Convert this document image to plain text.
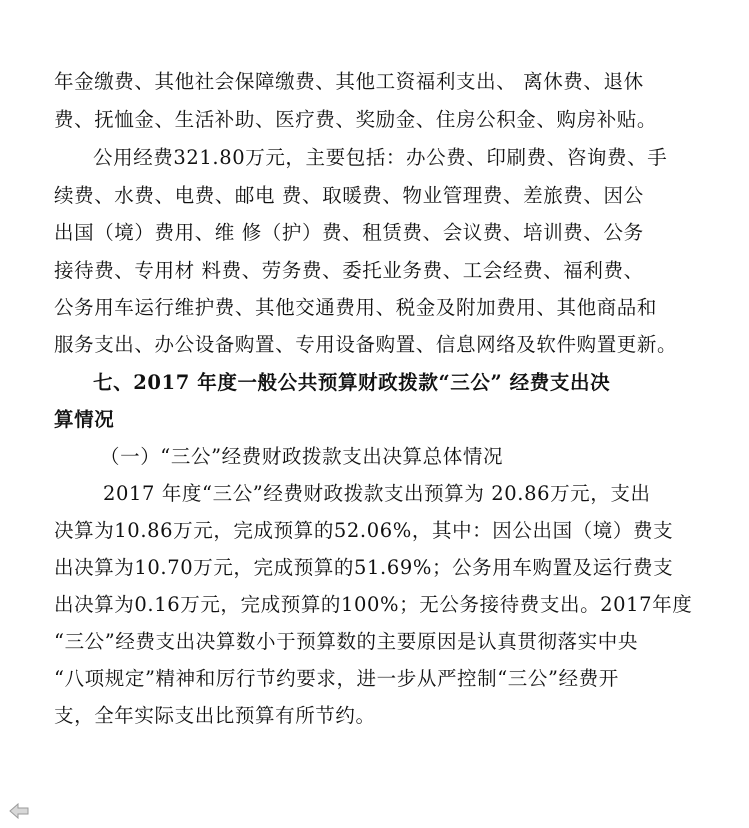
年金缴费、其他社会保障缴费、其他工资福利支出、 离休费、退休
费、抚恤金、生活补助、医疗费、奖励金、住房公积金、购房补贴。
公用经费321.80万元，主要包括：办公费、印刷费、咨询费、手
续费、水费、电费、邮电 费、取暖费、物业管理费、差旅费、因公
出国（境）费用、维 修（护）费、租赁费、会议费、培训费、公务
接待费、专用材 料费、劳务费、委托业务费、工会经费、福利费、
公务用车运行维护费、其他交通费用、税金及附加费用、其他商品和
服务支出、办公设备购置、专用设备购置、信息网络及软件购置更新。
七、2017 年度一般公共预算财政拨款“三公” 经费支出决
算情况
（一）“三公”经费财政拨款支出决算总体情况
2017 年度“三公”经费财政拨款支出预算为 20.86万元，支出
决算为10.86万元，完成预算的52.06%，其中：因公出国（境）费支
出决算为10.70万元，完成预算的51.69%；公务用车购置及运行费支
出决算为0.16万元，完成预算的100%；无公务接待费支出。2017年度
“三公”经费支出决算数小于预算数的主要原因是认真贯彻落实中央
“八项规定”精神和厉行节约要求，进一步从严控制“三公”经费开
支，全年实际支出比预算有所节约。
